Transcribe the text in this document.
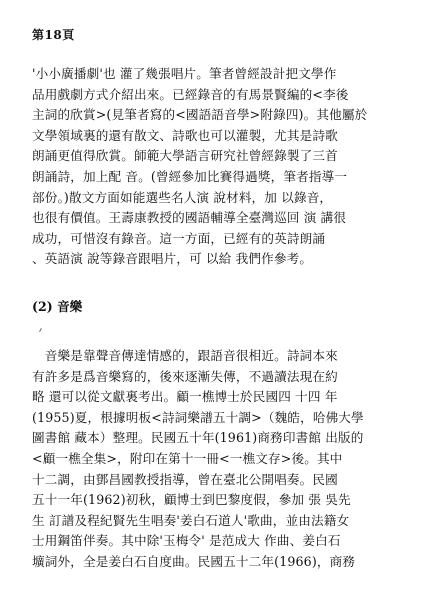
第18頁
'小小廣播劇'也 灌了幾張唱片。筆者曾經設計把文學作
品用戲劇方式介紹出來。已經錄音的有馬景賢編的<李後
主詞的欣賞>(見筆者寫的<國語語音學>附錄四)。其他屬於
文學領域裏的還有散文、詩歌也可以灌製，尤其是詩歌
朗誦更值得欣賞。師範大學語言研究社曾經錄製了三首
朗誦詩，加上配 音。(曾經參加比賽得過獎，筆者指導一
部份。)散文方面如能選些名人演 說材料，加 以錄音，
也很有價值。王壽康教授的國語輔導全臺灣巡回 演 講很
成功，可惜沒有錄音。這一方面，已經有的英詩朗誦
、英語演 說等錄音跟唱片，可 以給 我們作參考。
(2) 音樂
　音樂是靠聲音傳達情感的，跟語音很相近。詩詞本來
有許多是爲音樂寫的，後來逐漸失傳，不過讀法現在約
略 還可以從文獻裏考出。顧一樵博士於民國四 十四 年
(1955)夏，根據明板<詩詞樂譜五十調>（魏皓，哈佛大學
圖書館 藏本）整理。民國五十年(1961)商務印書館 出版的
<顧一樵全集>，附印在第十一冊<一樵文存>後。其中
十二調，由鄧昌國教授指導，曾在臺北公開唱奏。民國
五十一年(1962)初秋，顧博士到巴黎度假，參加 張 吳先
生 訂譜及程紀賢先生唱奏'姜白石道人'歌曲，並由法籍女
士用鋼笛伴奏。其中除'玉梅令' 是范成大 作曲、姜白石
壙詞外，全是姜白石自度曲。民國五十二年(1966)，商務
